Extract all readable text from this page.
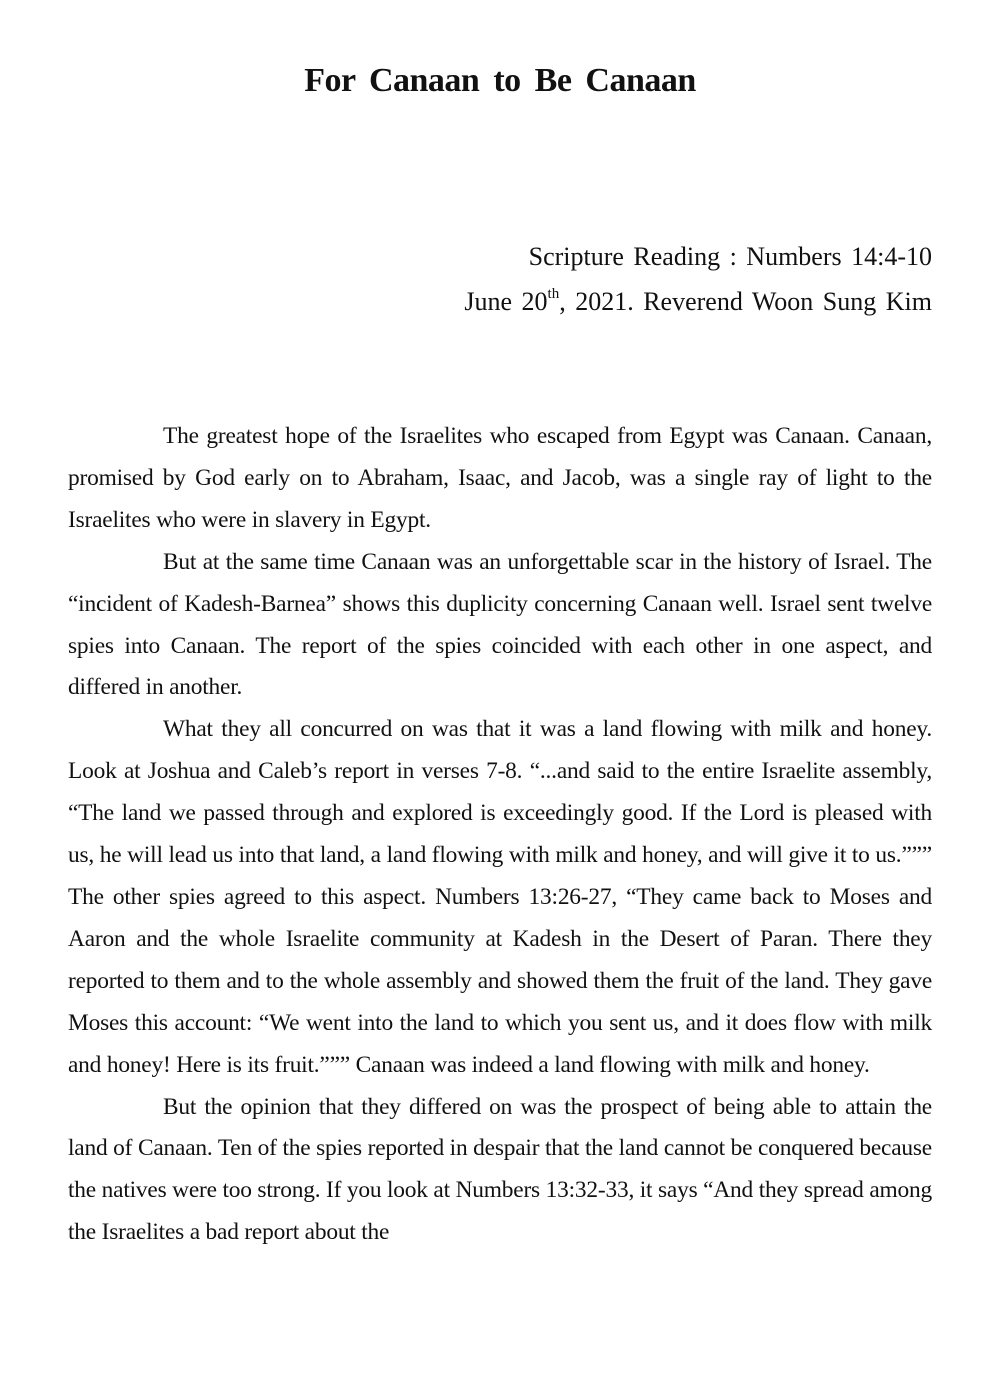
For Canaan to Be Canaan
Scripture Reading : Numbers 14:4-10
June 20th, 2021. Reverend Woon Sung Kim

The greatest hope of the Israelites who escaped from Egypt was Canaan. Canaan, promised by God early on to Abraham, Isaac, and Jacob, was a single ray of light to the Israelites who were in slavery in Egypt.

But at the same time Canaan was an unforgettable scar in the history of Israel. The “incident of Kadesh-Barnea” shows this duplicity concerning Canaan well. Israel sent twelve spies into Canaan. The report of the spies coincided with each other in one aspect, and differed in another.

What they all concurred on was that it was a land flowing with milk and honey. Look at Joshua and Caleb’s report in verses 7-8. “...and said to the entire Israelite assembly, “The land we passed through and explored is exceedingly good. If the Lord is pleased with us, he will lead us into that land, a land flowing with milk and honey, and will give it to us.””” The other spies agreed to this aspect. Numbers 13:26-27, “They came back to Moses and Aaron and the whole Israelite community at Kadesh in the Desert of Paran. There they reported to them and to the whole assembly and showed them the fruit of the land. They gave Moses this account: “We went into the land to which you sent us, and it does flow with milk and honey! Here is its fruit.””” Canaan was indeed a land flowing with milk and honey.

But the opinion that they differed on was the prospect of being able to attain the land of Canaan. Ten of the spies reported in despair that the land cannot be conquered because the natives were too strong. If you look at Numbers 13:32-33, it says “And they spread among the Israelites a bad report about the
